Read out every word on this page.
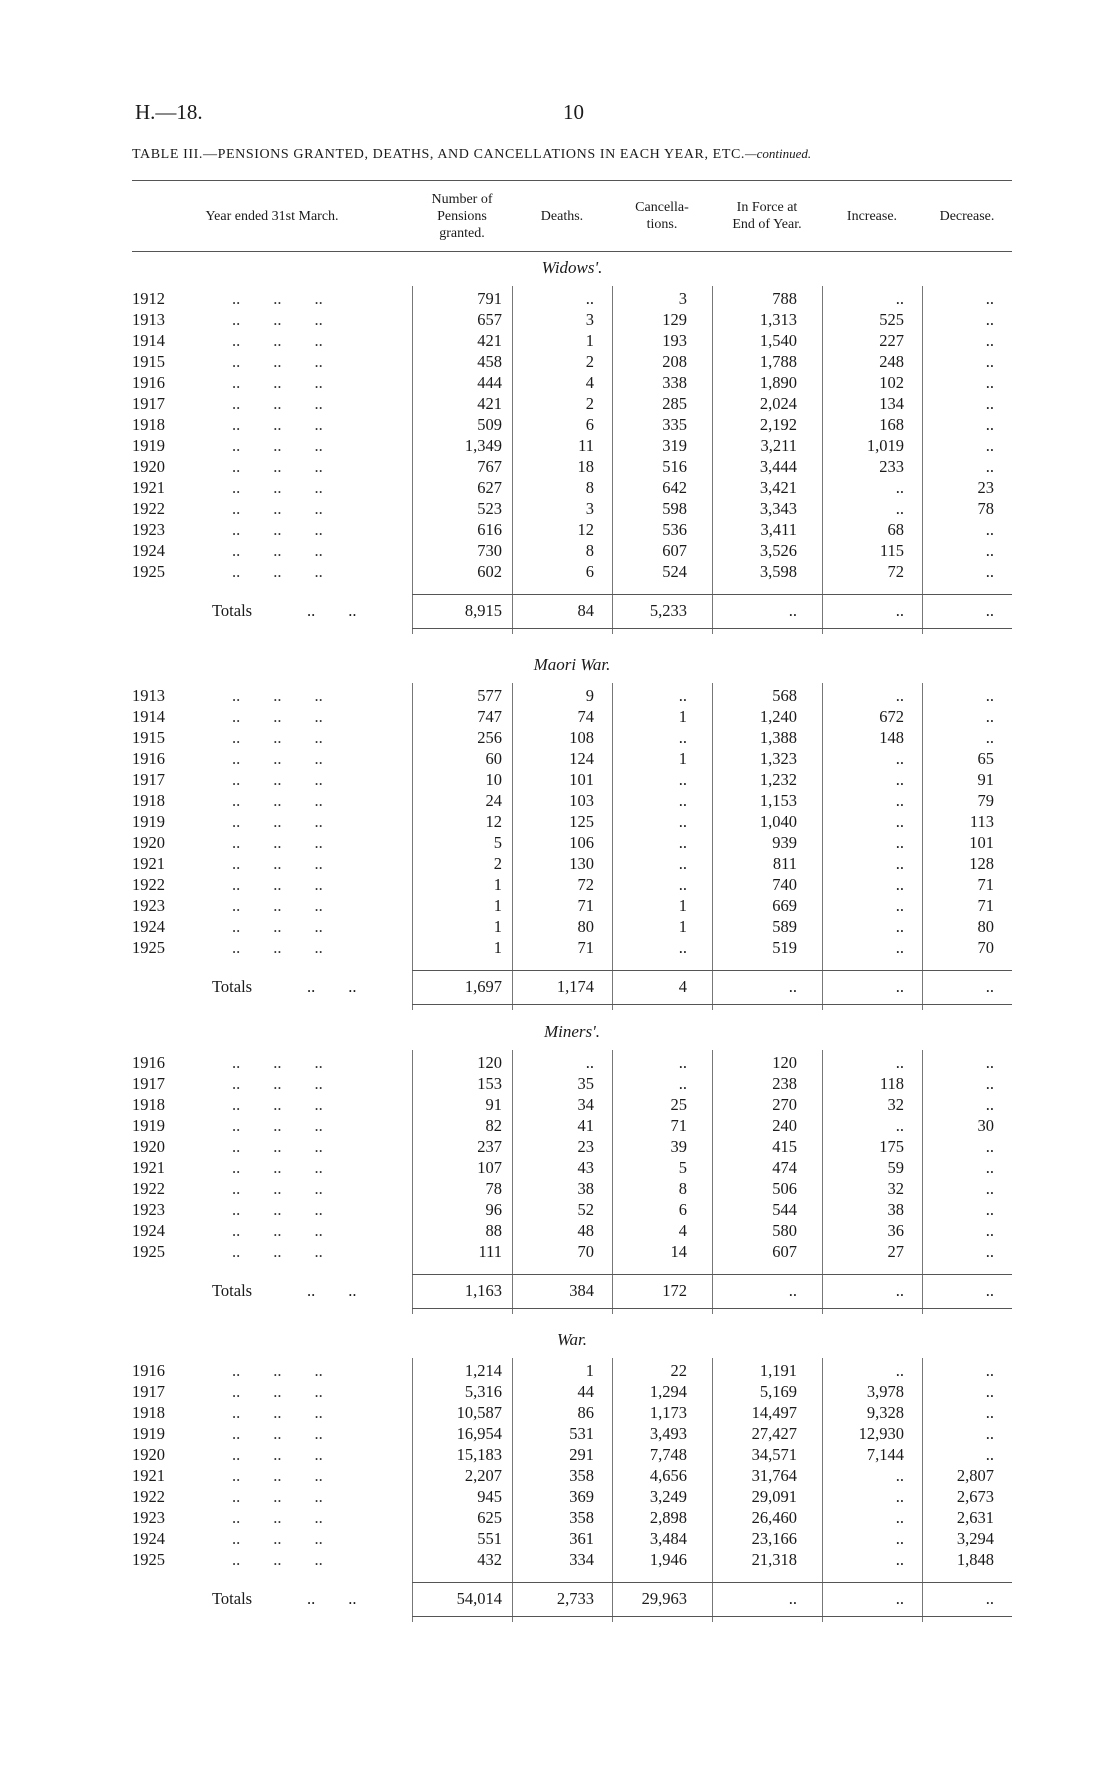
H.—18.	10
TABLE III.—PENSIONS GRANTED, DEATHS, AND CANCELLATIONS IN EACH YEAR, ETC.—continued.
Year ended 31st March.
Number of
Pensions
granted.
Deaths.
Cancella-
tions.
In Force at
End of Year.
Increase.	Decrease.
Widows'.
1912	..        ..        ..	791	..	3	788	..	..
1913	..        ..        ..	657	3	129	1,313	525	..
1914	..        ..        ..	421	1	193	1,540	227	..
1915	..        ..        ..	458	2	208	1,788	248	..
1916	..        ..        ..	444	4	338	1,890	102	..
1917	..        ..        ..	421	2	285	2,024	134	..
1918	..        ..        ..	509	6	335	2,192	168	..
1919	..        ..        ..	1,349	11	319	3,211	1,019	..
1920	..        ..        ..	767	18	516	3,444	233	..
1921	..        ..        ..	627	8	642	3,421	..	23
1922	..        ..        ..	523	3	598	3,343	..	78
1923	..        ..        ..	616	12	536	3,411	68	..
1924	..        ..        ..	730	8	607	3,526	115	..
1925	..        ..        ..	602	6	524	3,598	72	..
Totals	..        ..	8,915	84	5,233	..	..	..
Maori War.
1913	..        ..        ..	577	9	..	568	..	..
1914	..        ..        ..	747	74	1	1,240	672	..
1915	..        ..        ..	256	108	..	1,388	148	..
1916	..        ..        ..	60	124	1	1,323	..	65
1917	..        ..        ..	10	101	..	1,232	..	91
1918	..        ..        ..	24	103	..	1,153	..	79
1919	..        ..        ..	12	125	..	1,040	..	113
1920	..        ..        ..	5	106	..	939	..	101
1921	..        ..        ..	2	130	..	811	..	128
1922	..        ..        ..	1	72	..	740	..	71
1923	..        ..        ..	1	71	1	669	..	71
1924	..        ..        ..	1	80	1	589	..	80
1925	..        ..        ..	1	71	..	519	..	70
Totals	..        ..	1,697	1,174	4	..	..	..
Miners'.
1916	..        ..        ..	120	..	..	120	..	..
1917	..        ..        ..	153	35	..	238	118	..
1918	..        ..        ..	91	34	25	270	32	..
1919	..        ..        ..	82	41	71	240	..	30
1920	..        ..        ..	237	23	39	415	175	..
1921	..        ..        ..	107	43	5	474	59	..
1922	..        ..        ..	78	38	8	506	32	..
1923	..        ..        ..	96	52	6	544	38	..
1924	..        ..        ..	88	48	4	580	36	..
1925	..        ..        ..	111	70	14	607	27	..
Totals	..        ..	1,163	384	172	..	..	..
War.
1916	..        ..        ..	1,214	1	22	1,191	..	..
1917	..        ..        ..	5,316	44	1,294	5,169	3,978	..
1918	..        ..        ..	10,587	86	1,173	14,497	9,328	..
1919	..        ..        ..	16,954	531	3,493	27,427	12,930	..
1920	..        ..        ..	15,183	291	7,748	34,571	7,144	..
1921	..        ..        ..	2,207	358	4,656	31,764	..	2,807
1922	..        ..        ..	945	369	3,249	29,091	..	2,673
1923	..        ..        ..	625	358	2,898	26,460	..	2,631
1924	..        ..        ..	551	361	3,484	23,166	..	3,294
1925	..        ..        ..	432	334	1,946	21,318	..	1,848
Totals	..        ..	54,014	2,733	29,963	..	..	..
